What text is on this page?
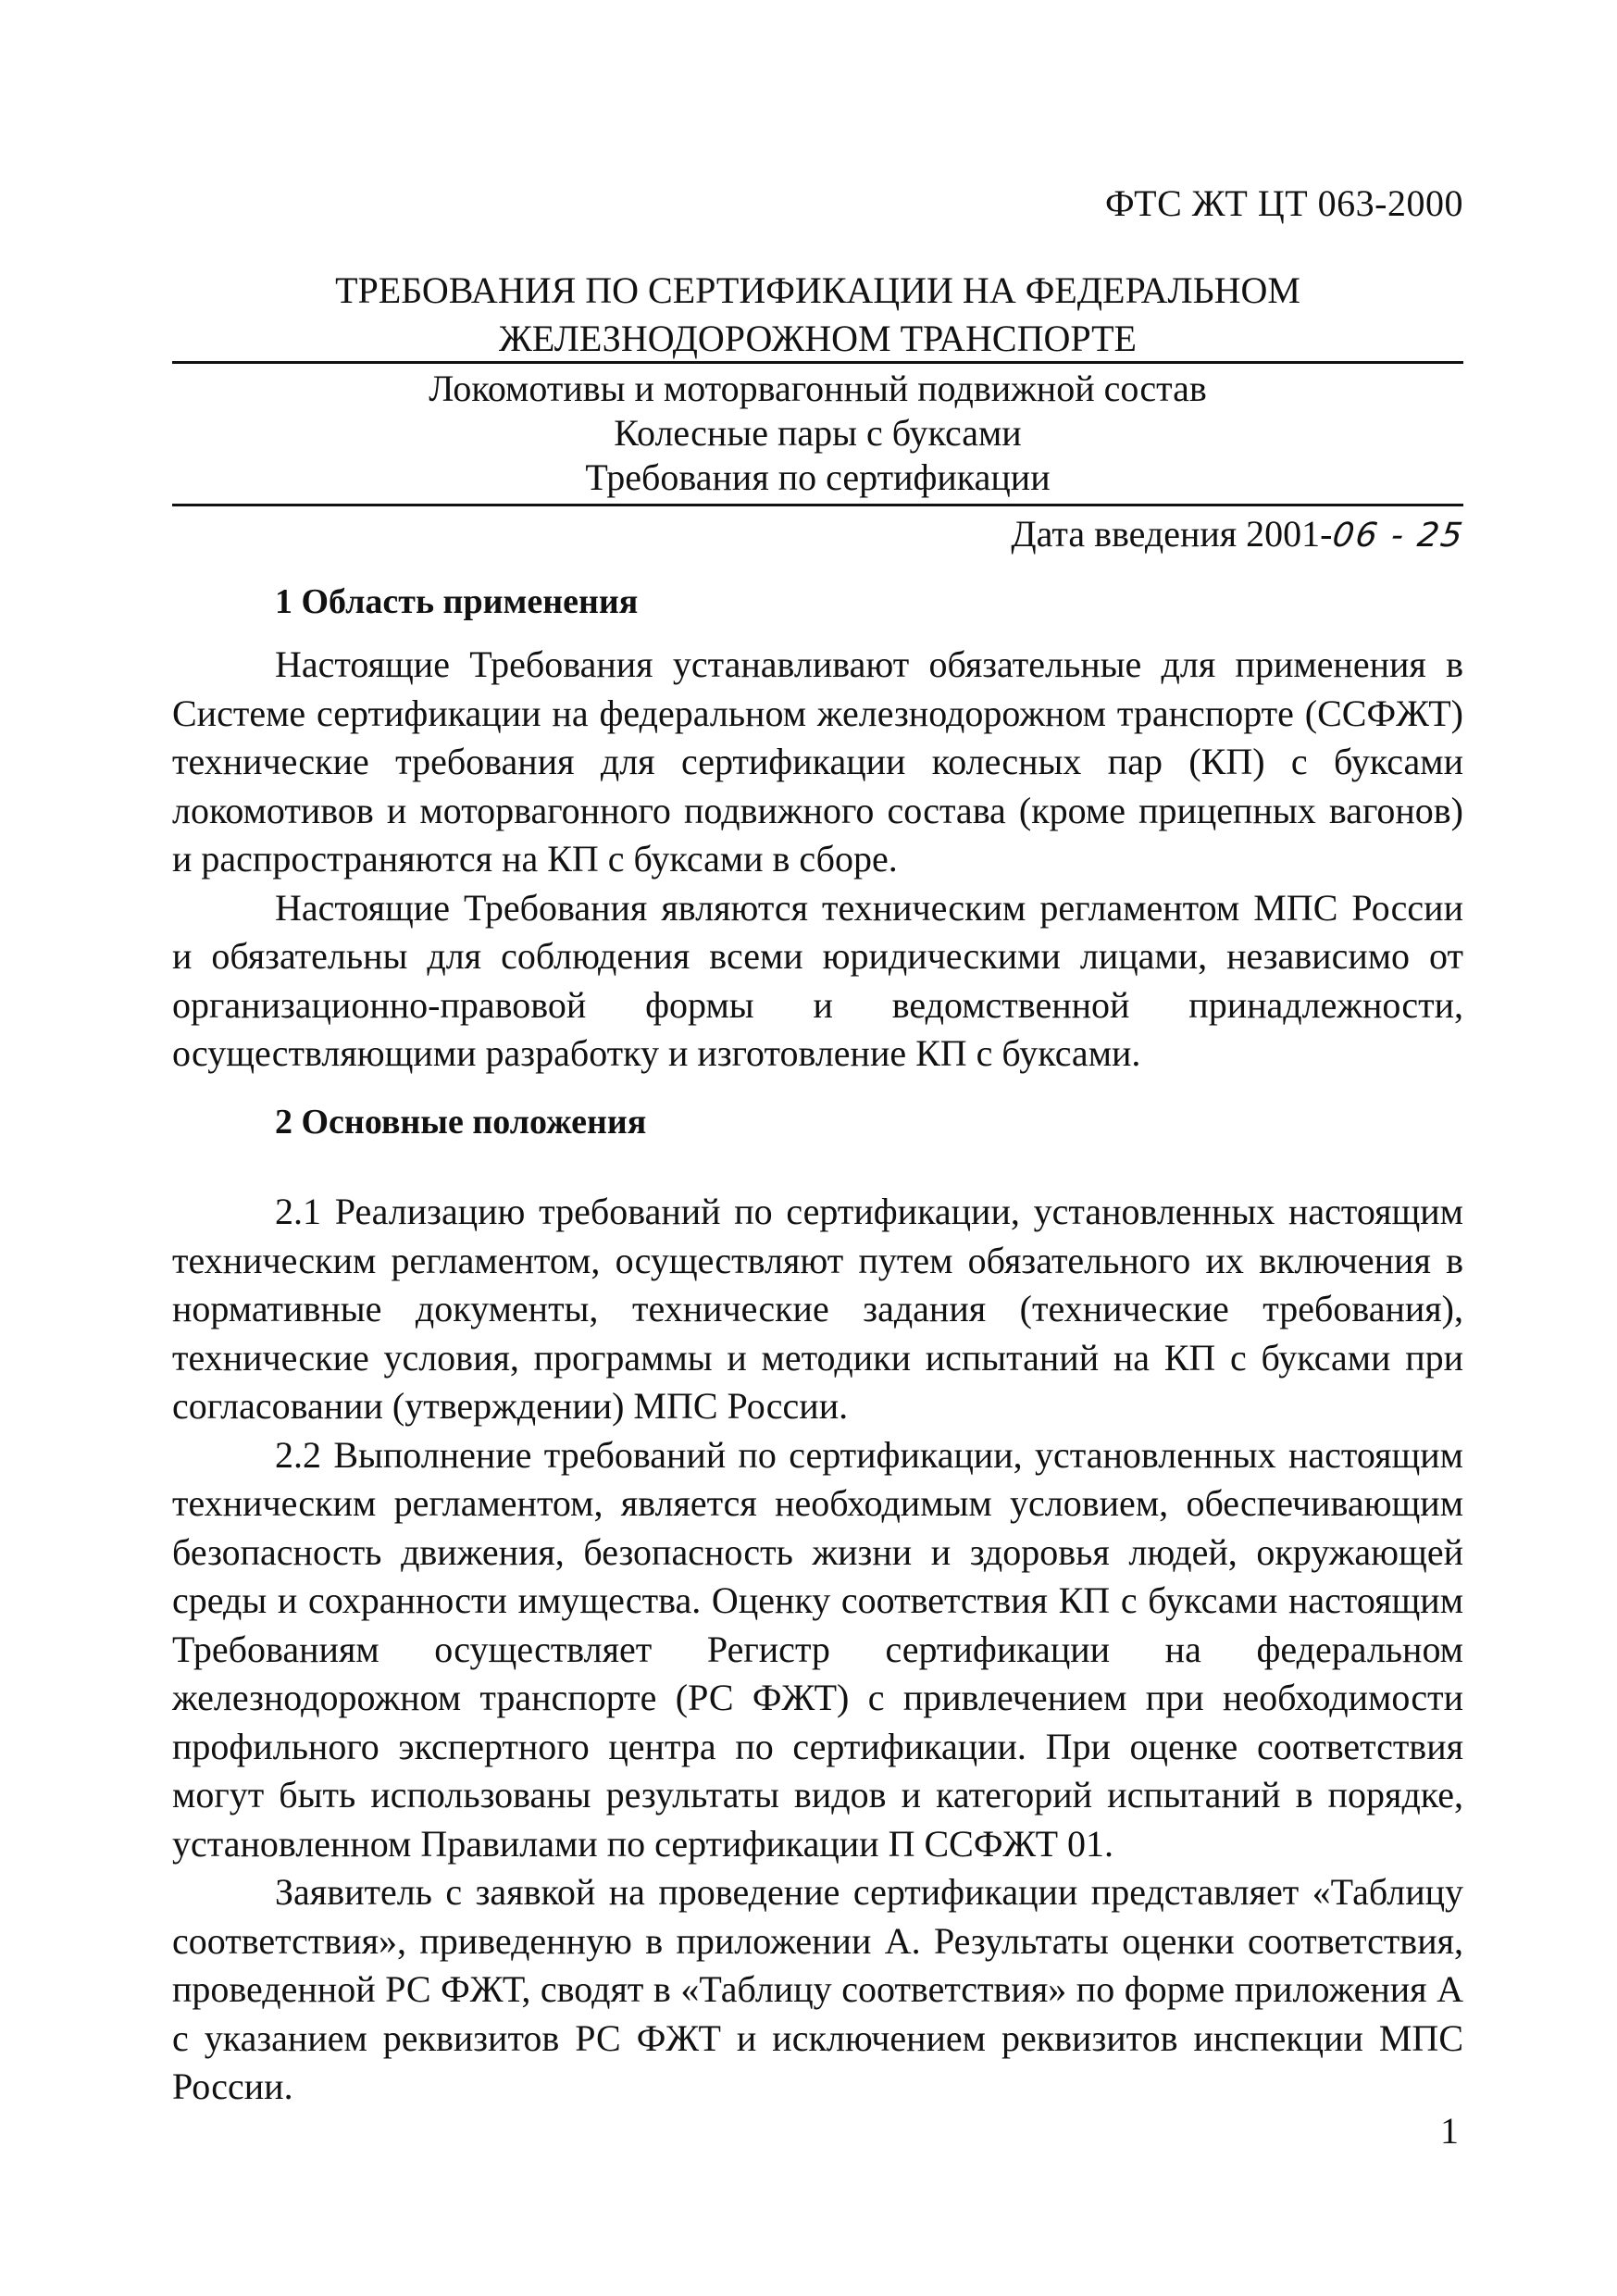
ФТС ЖТ ЦТ 063-2000
ТРЕБОВАНИЯ ПО СЕРТИФИКАЦИИ НА ФЕДЕРАЛЬНОМ
ЖЕЛЕЗНОДОРОЖНОМ ТРАНСПОРТЕ
Локомотивы и моторвагонный подвижной состав
Колесные пары с буксами
Требования по сертификации
Дата введения 2001-06 - 25
1 Область применения

Настоящие Требования устанавливают обязательные для применения в Системе сертификации на федеральном железнодорожном транспорте (ССФЖТ) технические требования для сертификации колесных пар (КП) с буксами локомотивов и моторвагонного подвижного состава (кроме прицепных вагонов) и распространяются на КП с буксами в сборе.

Настоящие Требования являются техническим регламентом МПС России и обязательны для соблюдения всеми юридическими лицами, независимо от организационно-правовой формы и ведомственной принадлежности, осуществляющими разработку и изготовление КП с буксами.

2 Основные положения

2.1 Реализацию требований по сертификации, установленных настоящим техническим регламентом, осуществляют путем обязательного их включения в нормативные документы, технические задания (технические требования), технические условия, программы и методики испытаний на КП с буксами при согласовании (утверждении) МПС России.

2.2 Выполнение требований по сертификации, установленных настоящим техническим регламентом, является необходимым условием, обеспечивающим безопасность движения, безопасность жизни и здоровья людей, окружающей среды и сохранности имущества. Оценку соответствия КП с буксами настоящим Требованиям осуществляет Регистр сертификации на федеральном железнодорожном транспорте (РС ФЖТ) с привлечением при необходимости профильного экспертного центра по сертификации. При оценке соответствия могут быть использованы результаты видов и категорий испытаний в порядке, установленном Правилами по сертификации П ССФЖТ 01.

Заявитель с заявкой на проведение сертификации представляет «Таблицу соответствия», приведенную в приложении А. Результаты оценки соответствия, проведенной РС ФЖТ, сводят в «Таблицу соответствия» по форме приложения А с указанием реквизитов РС ФЖТ и исключением реквизитов инспекции МПС России.

1
